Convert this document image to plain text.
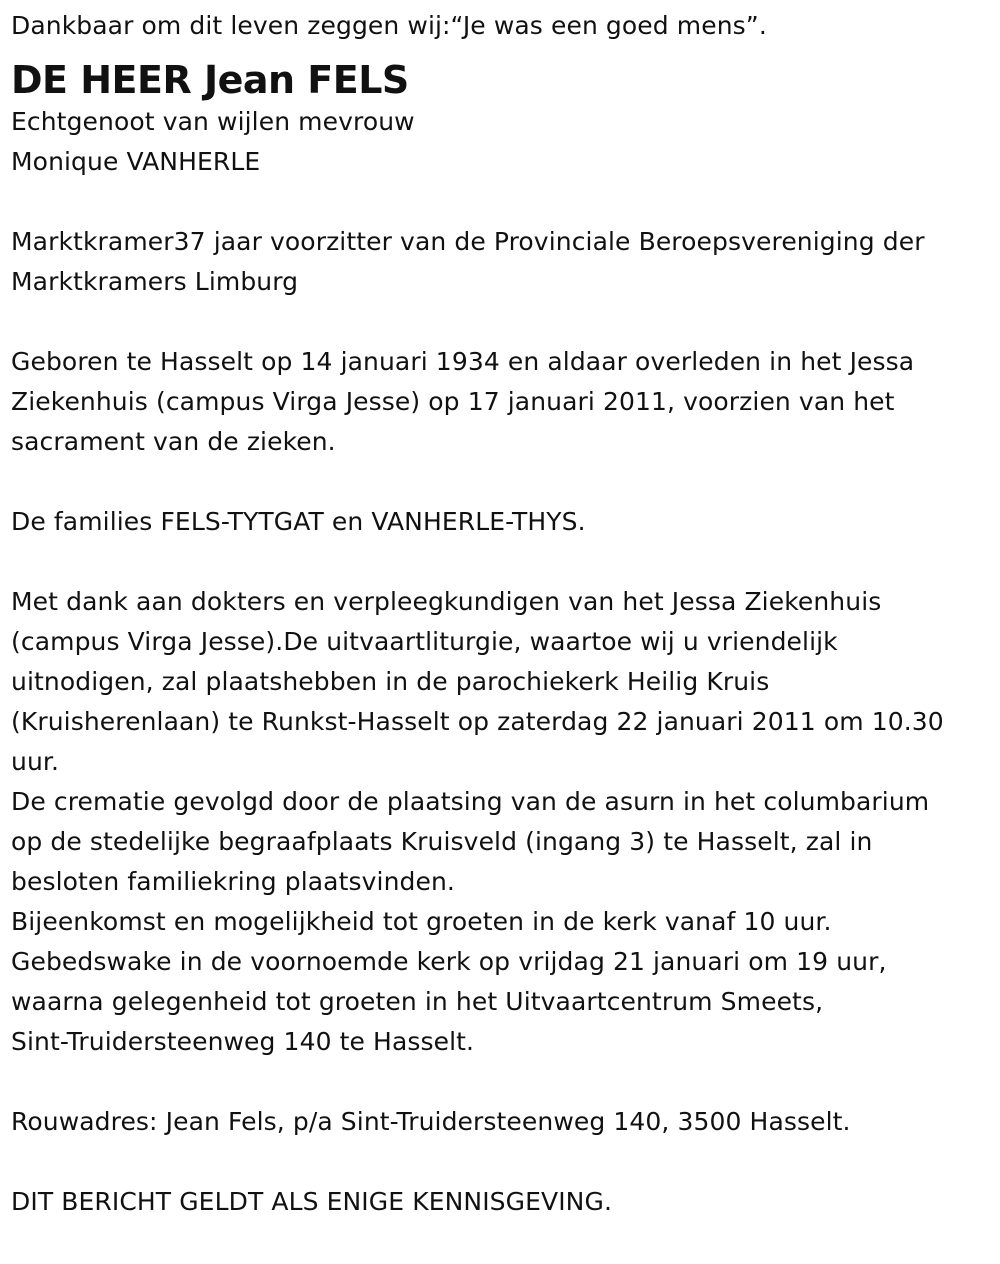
Dankbaar om dit leven zeggen wij:“Je was een goed mens”.

DE HEER Jean FELS

Echtgenoot van wijlen mevrouw

Monique VANHERLE

Marktkramer37 jaar voorzitter van de Provinciale Beroepsvereniging der

Marktkramers Limburg

Geboren te Hasselt op 14 januari 1934 en aldaar overleden in het Jessa

Ziekenhuis (campus Virga Jesse) op 17 januari 2011, voorzien van het

sacrament van de zieken.

De families FELS-TYTGAT en VANHERLE-THYS.

Met dank aan dokters en verpleegkundigen van het Jessa Ziekenhuis

(campus Virga Jesse).De uitvaartliturgie, waartoe wij u vriendelijk

uitnodigen, zal plaatshebben in de parochiekerk Heilig Kruis

(Kruisherenlaan) te Runkst-Hasselt op zaterdag 22 januari 2011 om 10.30

uur.

De crematie gevolgd door de plaatsing van de asurn in het columbarium

op de stedelijke begraafplaats Kruisveld (ingang 3) te Hasselt, zal in

besloten familiekring plaatsvinden.

Bijeenkomst en mogelijkheid tot groeten in de kerk vanaf 10 uur.

Gebedswake in de voornoemde kerk op vrijdag 21 januari om 19 uur,

waarna gelegenheid tot groeten in het Uitvaartcentrum Smeets,

Sint-Truidersteenweg 140 te Hasselt.

Rouwadres: Jean Fels, p/a Sint-Truidersteenweg 140, 3500 Hasselt.

DIT BERICHT GELDT ALS ENIGE KENNISGEVING.
